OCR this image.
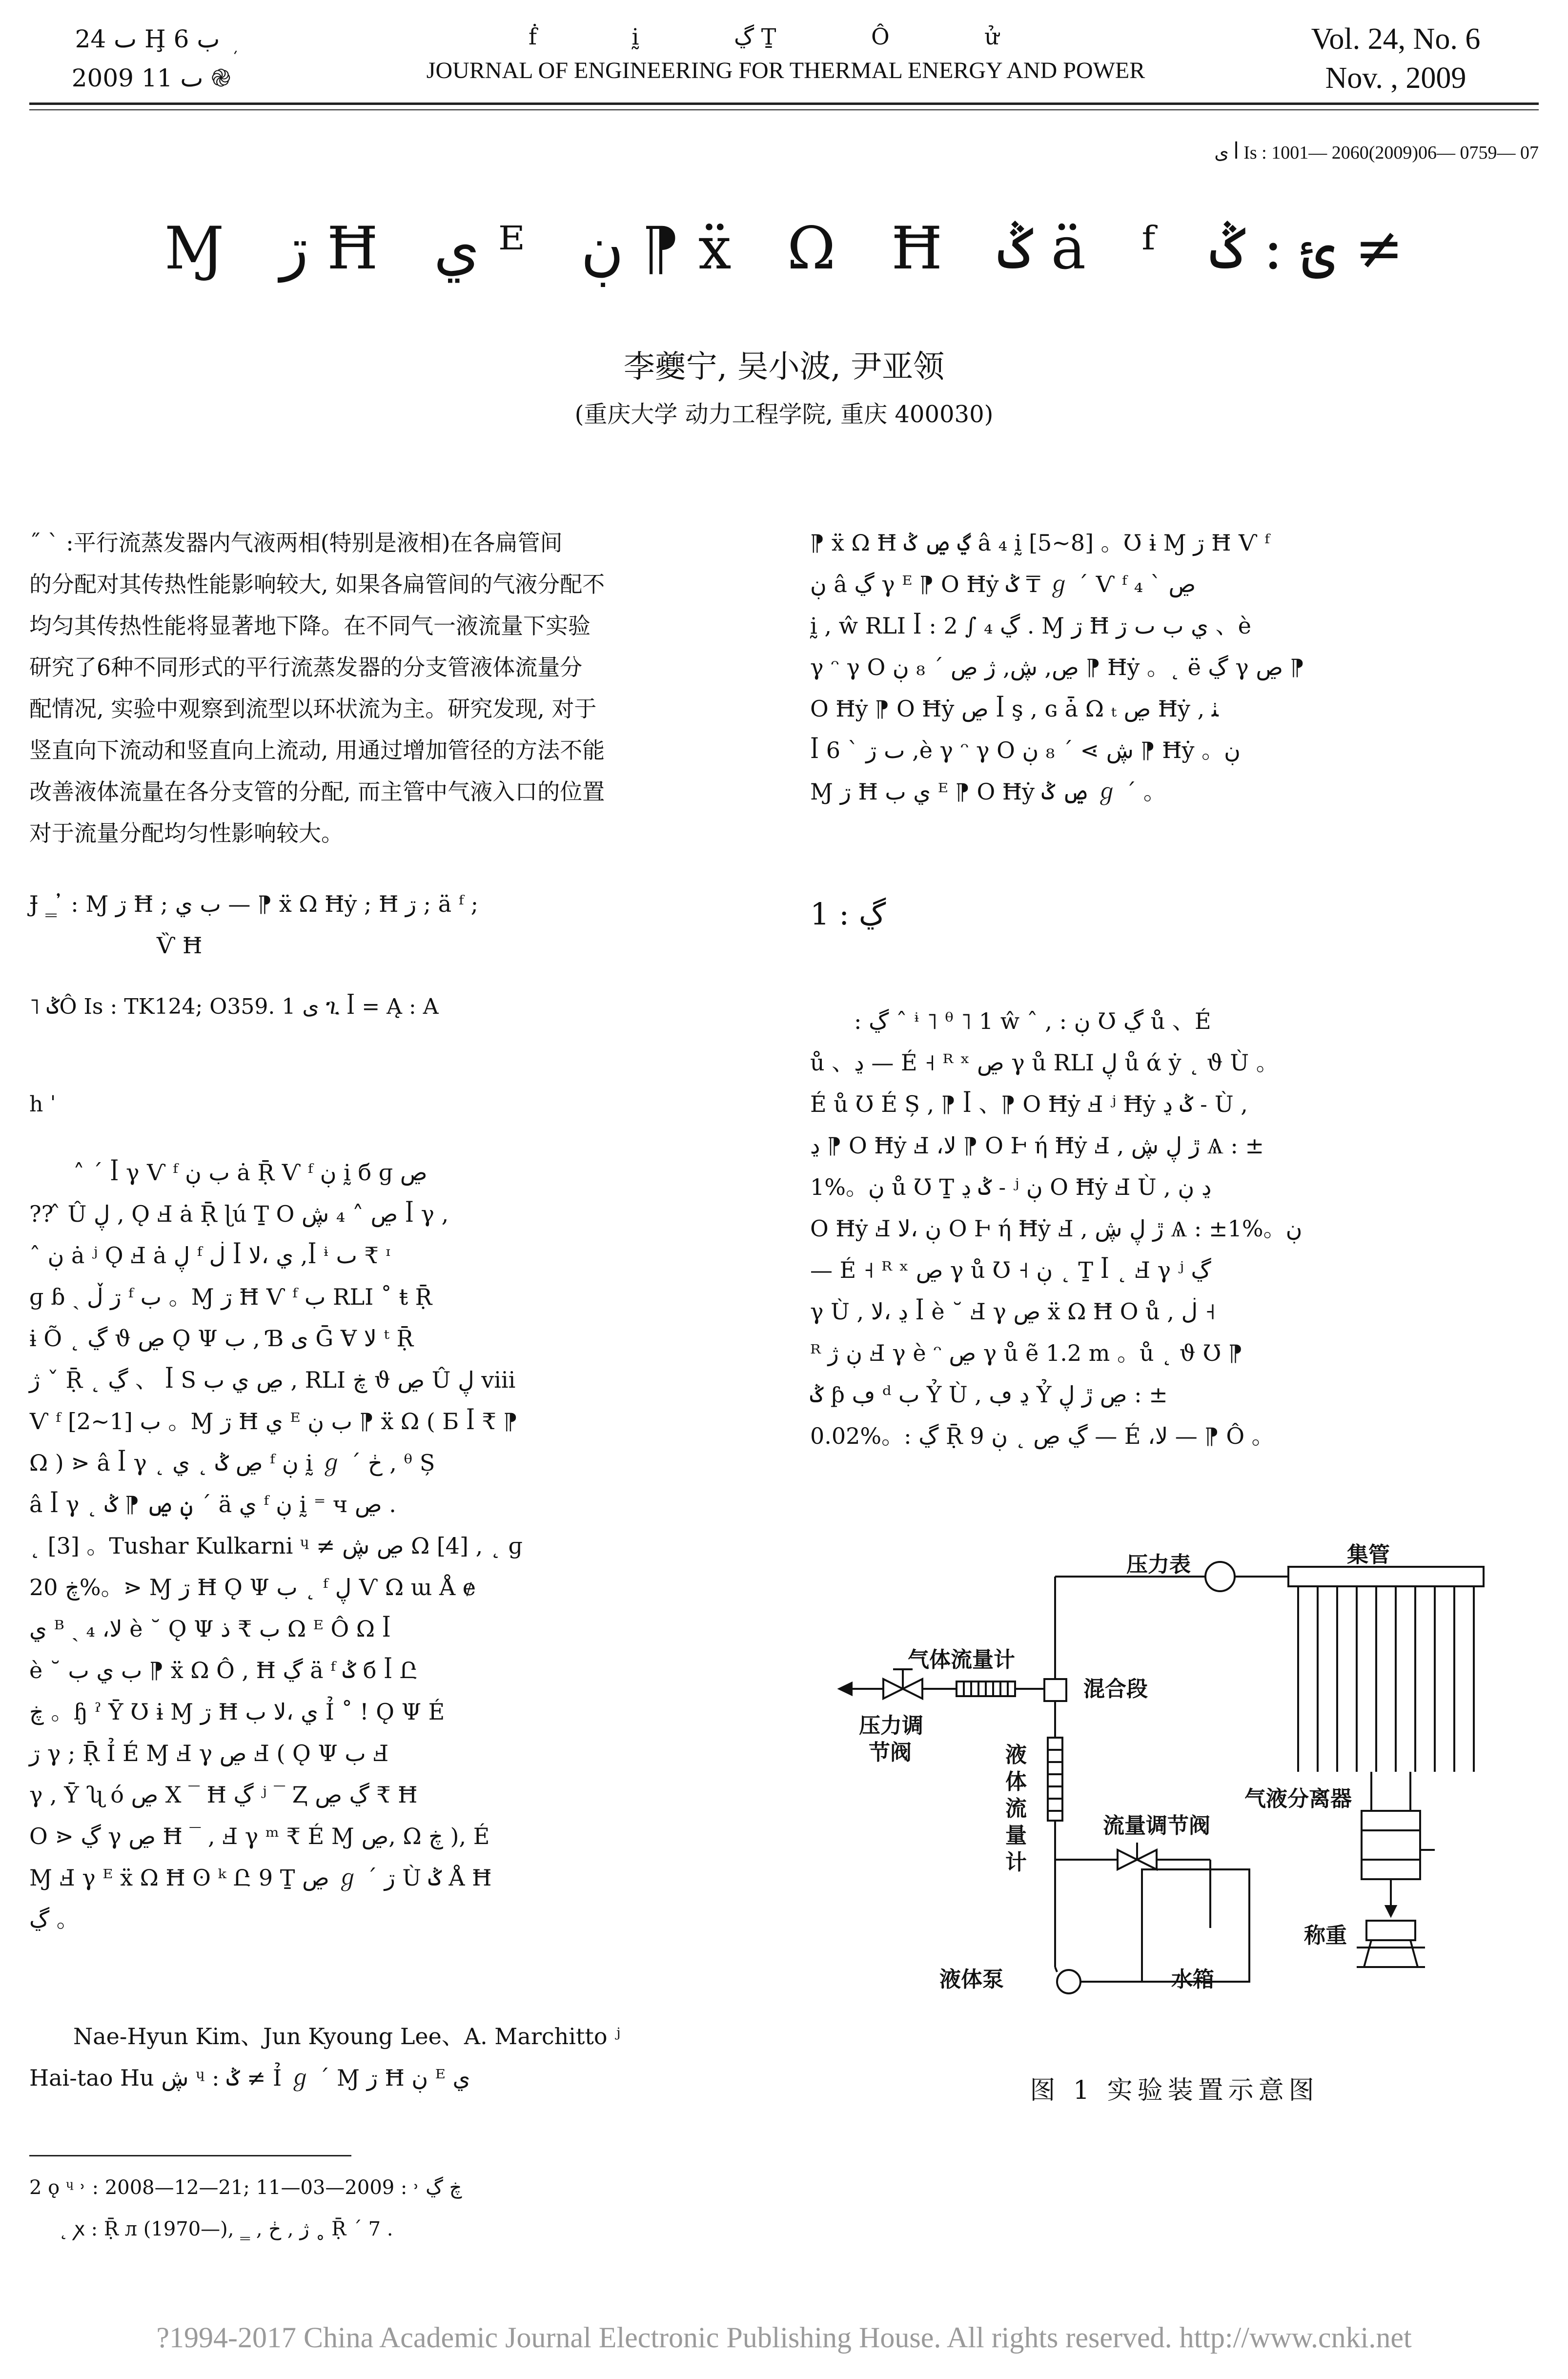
ٮ 24 Ḩ ب 6 ܼ
2009 ٮ 11 ֎
ḟ ḭ ڲ Ṯ Ô ử
JOURNAL OF ENGINEERING FOR THERMAL ENERGY AND POWER
Vol. 24, No. 6
Nov. , 2009
ى ꟾ Is : 1001— 2060(2009)06— 0759— 07
Ɱ ڗ Ħ ي ᴱ ڹ ⁋ ẍ Ω Ħ ݣ ä ᶠ ئ : ݣ ≠
李夔宁, 吴小波, 尹亚领
(重庆大学 动力工程学院, 重庆 400030)

˝ ˋ :平行流蒸发器内气液两相(特别是液相)在各扁管间

的分配对其传热性能影响较大, 如果各扁管间的气液分配不

均匀其传热性能将显著地下降。在不同气一液流量下实验

研究了6种不同形式的平行流蒸发器的分支管液体流量分

配情况, 实验中观察到流型以环状流为主。研究发现, 对于

竖直向下流动和竖直向上流动, 用通过增加管径的方法不能

改善液体流量在各分支管的分配, 而主管中气液入口的位置

对于流量分配均匀性影响较大。

Ɉ ‗ ̓ : Ɱ ڗ Ħ ; ب ي — ⁋ ẍ Ω Ħẏ ; Ħ ڗ ; ä ᶠ ;

Ѷ Ħ

˥ ݣÔ Is : TK124; O359. 1 ى ጊ ꟾ = Ą : A
h ˈ

˄ ˊ ꟾ γ Ѵ ᶠ ب ڹ ȧ Ṝ Ѵ ᶠ ڹ ḭ б ɡ ڝ

?? ̂ Û ڸ , Ǫ Ⅎ ȧ Ṝ ɭú Ṯ O ڝ ˄ ₄ ڜ ꟾ γ ,

ˆ ڹ ȧ ʲ Ǫ Ⅎ ȧ ڸ ᶠ ڶ ꟾ ي ،لا ,ꟾ ᶤ ٮ ₹ ᶦ

ɡ ɓ ˏ ڗ ڵ ᶠ ب 。Ɱ ڗ Ħ Ѵ ᶠ ب RLI ˚ ŧ Ṝ

ɨ Õ ˛ ڲ ϑ ڝ Ǫ Ψ ب , Ɓ ى Ḡ Ɐ ﻟﺎ ᵗ Ṝ

ژ ˇ Ṝ ˛ ڲ 、 ꟾ S ڝ ي ب , RLI ڿ ϑ ڝ Û ڸ viii

Ѵ ᶠ ب [1~2] 。Ɱ ڗ Ħ ي ᴱ ب ڹ ⁋ ẍ Ω ( Ƃ ꟾ ₹ ⁋

Ω ) ⋗ â ꟾ γ ˛ ڝ ݣ ˛ ي ᶠ ڹ ḭ ℊ ˊ ڂ , ᶿ Ș

â ꟾ γ ˛ ڹ ڝ ⁋ ݣ ˊ ä ي ᶠ ڹ ḭ ⁼ ч ڝ .

˛ [3] 。Tushar Kulkarni ᶣ ≠ ڝ ڜ Ω [4] , ˛ ɡ

ڿ 20%。⋗ Ɱ ڗ Ħ Ǫ Ψ ب ˛ ᶠ ڸ Ѵ Ω ɯ Å ɇ

ي ᴮ ˏ ₄ ،لا è ˘ Ǫ Ψ ب ₹ ذ Ω ᴱ Ô Ω ꟾ

è ˘ ب ي ب ⁋ ẍ Ω Ô , Ħ ڲ ä ᶠ ݣ б ꟾ Ը

ڿ 。ɧ ˀ Ῡ Ʊ ɨ Ɱ ڗ Ħ ي ،لا ب Ỉ ˚ ! Ǫ Ψ É

ڗ γ ; Ṝ Ỉ É Ɱ Ⅎ γ ڝ Ⅎ ( Ǫ Ψ ب Ⅎ

γ , Ῡ ʯ ó ڝ X ‾ Ħ ڲ ʲ ‾ Ⱬ ڲ ڝ ₹ Ħ

O ⋗ ڲ γ ڝ Ħ ‾ , Ⅎ γ ᵐ ₹ É Ɱ ڝ, Ω ڿ ), É

Ɱ Ⅎ γ ᴱ ẍ Ω Ħ ʘ ᵏ Ը 9 Ṯ ڝ ℊ ˊ ڗ Ù ݣ Å Ħ

ڲ 。

Nae-Hyun Kim、Jun Kyoung Lee、A. Marchitto ʲ

Hai-tao Hu ڜ ᶣ : ݣ ≠ Ỉ ℊ ˊ Ɱ ڗ Ħ ڹ ᴱ ي

2 ǫ ᶣ ˒ : 2008—12—21; ڿ ڲ ˒ : 2009—03—11
˛ ꭗ : Ṝ л (1970—), ‗ , ژ , ڂ ˳ Ṝ ˊ 7 .

⁋ ẍ Ω Ħ ڲ ڝ ݣ â ₄ ḭ [5~8] 。Ʊ ɨ Ɱ ڗ Ħ Ѵ ᶠ

ڹ â ڲ γ ᴱ ⁋ O Ħẏ ݣ ₸ ℊ ˊ Ѵ ᶠ ڝ ˋ ₄

ḭ , ŵ RLI ꟾ : ڲ ₄ ∫ 2 . Ɱ ڗ Ħ ي ب ٮ ڗ 、è

γ ᵔ γ O ڝ, ڜ, ژ ڝ ˊ ₈ ڹ ⁋ Ħẏ 。˛ ë ڲ γ ڝ ⁋

O Ħẏ ⁋ O Ħẏ ڝ ꟾ ş , ɢ ǡ Ω ₜ ڝ Ħẏ , ﭡ

ꟾ 6 ˋ ٮ ڗ ,è γ ᵔ γ O ڜ ⋗ ˊ ₈ ڹ ⁋ Ħẏ 。ڹ

Ɱ ڗ Ħ ي ب ᴱ ⁋ O Ħẏ ڝ ݣ ℊ ˊ 。

1 : ڲ

: ڲ ˆ ᶤ ˥ ᶿ ˥ 1 ŵ ˆ , : ڹ Ʊ ڲ ů 、É

ů 、ڍ — É ˧ ᴿ ˣ ڝ γ ů RLI ڸ ů ά ẏ ˛ ϑ Ù 。

É ů Ʊ É Ș , ⁋ ꟾ 、⁋ O Ħẏ Ⅎ ʲ Ħẏ ݣ ڍ ˗ Ù ,

ڍ ⁋ O Ħẏ Ⅎ ،لا ⁋ O Ⱶ ή Ħẏ Ⅎ , ڙ ڸ ڜ Ѧ : ±

1%。ڹ ů Ʊ Ṯ ݣ ڍ ˗ ʲ ڹ O Ħẏ Ⅎ Ù , ڍ ڹ

O Ħẏ Ⅎ ڹ ،لا O Ⱶ ή Ħẏ Ⅎ , ڙ ڸ ڜ Ѧ : ±1%。ڹ

— É ˧ ᴿ ˣ ڝ γ ů Ʊ ˧ ڹ ˛ Ṯ ꟾ ˛ Ⅎ γ ʲ ڲ

γ Ù , ڍ ،لا ꟾ è ˘ Ⅎ γ ڝ ẍ Ω Ħ O ů , ڶ ˧

ᴿ ڹ ژ Ⅎ γ è ᵔ ڝ γ ů ẽ 1.2 m 。ů ˛ ϑ Ʊ ⁋

ݣ ƥ ڢ ᵈ ب Ỷ Ù , ڍ ڢ Ỷ ڝ ڙ ڸ : ±

0.02%。: ڲ Ṝ 9 ڲ ڝ ˛ ڹ — É ،لا — ⁋ Ô 。

压力表	集管
气体流量计
混合段
压力调
节阀	液
体
流
量
计
流量调节阀
气液分离器
液体泵	水箱
称重
图 1 实验装置示意图
?1994-2017 China Academic Journal Electronic Publishing House. All rights reserved. http://www.cnki.net
